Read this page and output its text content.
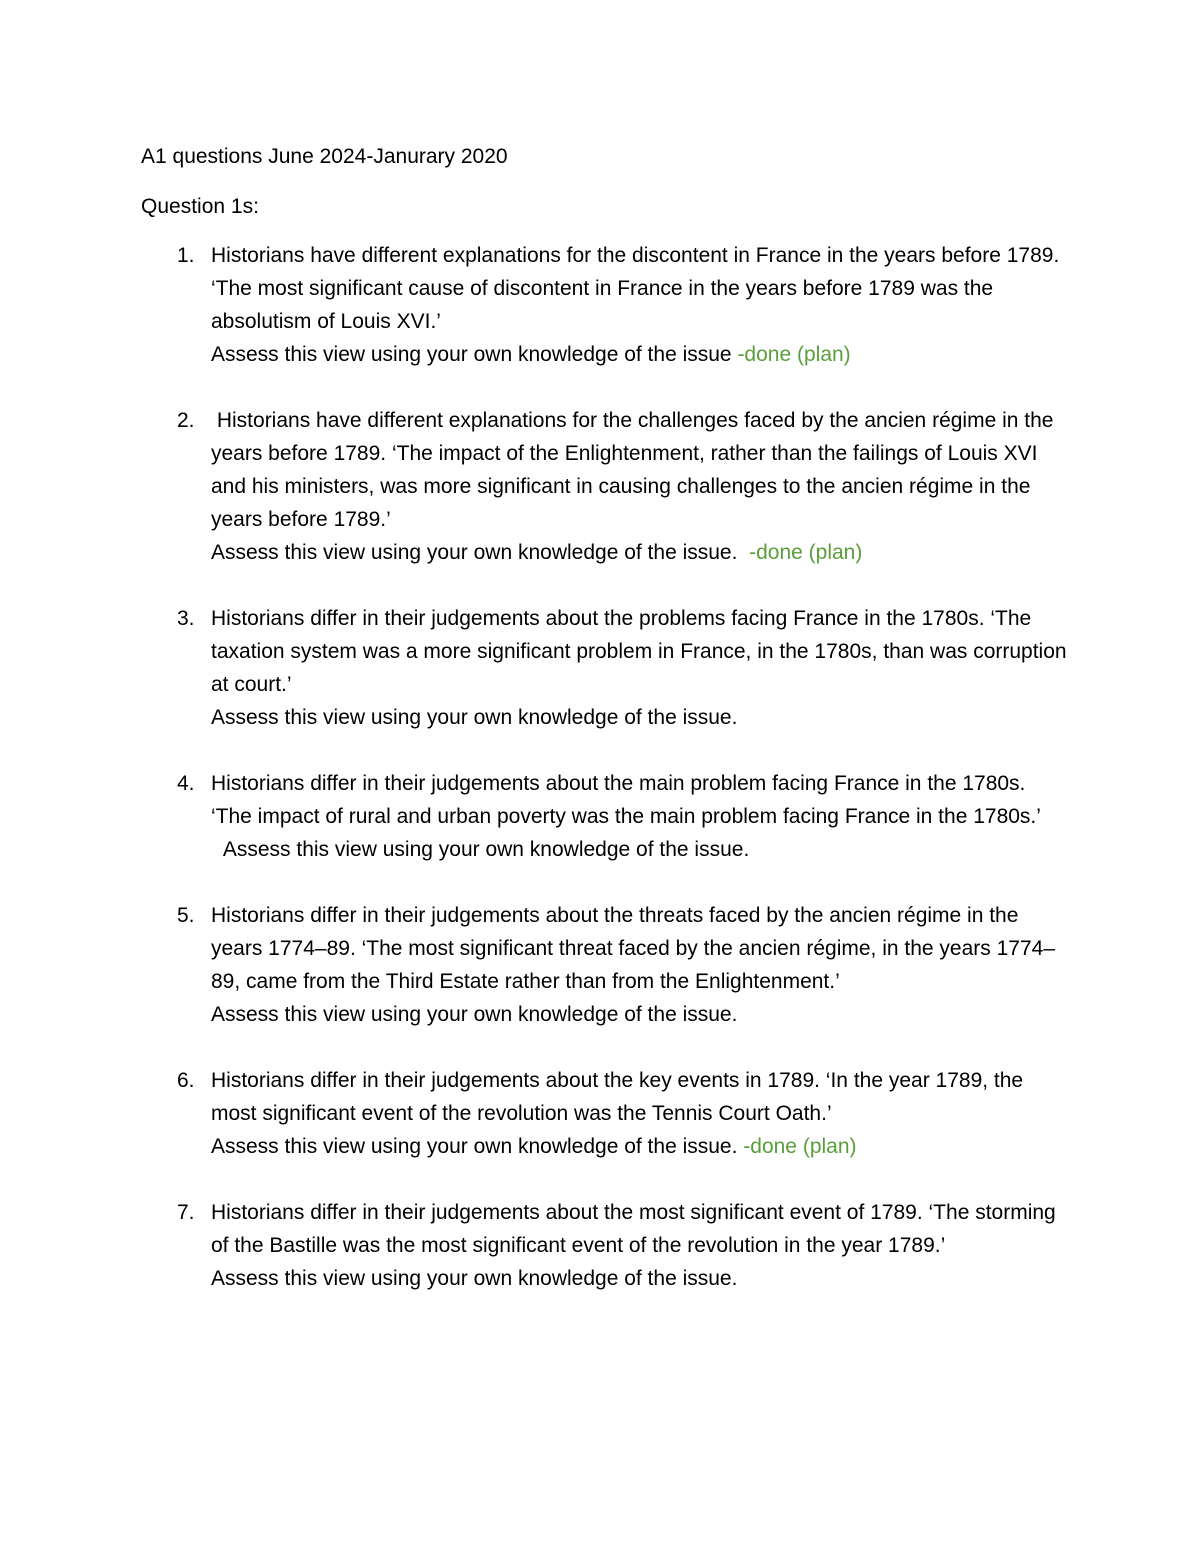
A1 questions June 2024-Janurary 2020

Question 1s:

1. Historians have different explanations for the discontent in France in the years before 1789. ‘The most significant cause of discontent in France in the years before 1789 was the absolutism of Louis XVI.’
Assess this view using your own knowledge of the issue -done (plan)
2. Historians have different explanations for the challenges faced by the ancien régime in the years before 1789. ‘The impact of the Enlightenment, rather than the failings of Louis XVI and his ministers, was more significant in causing challenges to the ancien régime in the years before 1789.’
Assess this view using your own knowledge of the issue.  -done (plan)
3. Historians differ in their judgements about the problems facing France in the 1780s. ‘The taxation system was a more significant problem in France, in the 1780s, than was corruption at court.’
Assess this view using your own knowledge of the issue.
4. Historians differ in their judgements about the main problem facing France in the 1780s. ‘The impact of rural and urban poverty was the main problem facing France in the 1780s.’
Assess this view using your own knowledge of the issue.
5. Historians differ in their judgements about the threats faced by the ancien régime in the years 1774–89. ‘The most significant threat faced by the ancien régime, in the years 1774–89, came from the Third Estate rather than from the Enlightenment.’
Assess this view using your own knowledge of the issue.
6. Historians differ in their judgements about the key events in 1789. ‘In the year 1789, the most significant event of the revolution was the Tennis Court Oath.’
Assess this view using your own knowledge of the issue. -done (plan)
7. Historians differ in their judgements about the most significant event of 1789. ‘The storming of the Bastille was the most significant event of the revolution in the year 1789.’
Assess this view using your own knowledge of the issue.
